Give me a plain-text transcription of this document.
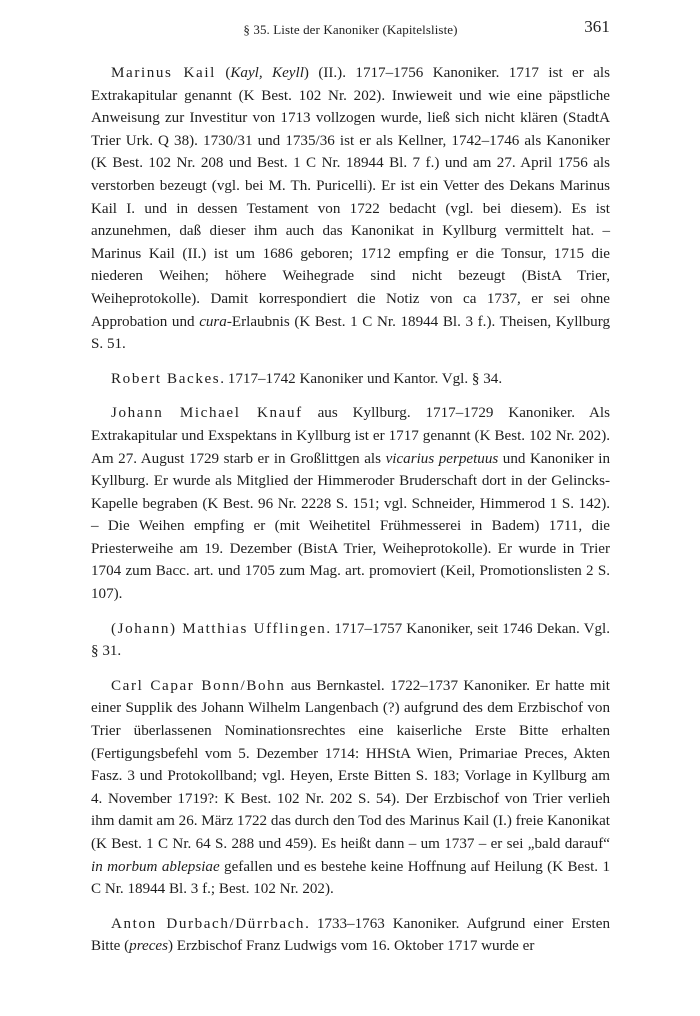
§ 35. Liste der Kanoniker (Kapitelsliste)	361

Marinus Kail (Kayl, Keyll) (II.). 1717–1756 Kanoniker. 1717 ist er als Extrakapitular genannt (K Best. 102 Nr. 202). Inwieweit und wie eine päpstliche Anweisung zur Investitur von 1713 vollzogen wurde, ließ sich nicht klären (StadtA Trier Urk. Q 38). 1730/31 und 1735/36 ist er als Kellner, 1742–1746 als Kanoniker (K Best. 102 Nr. 208 und Best. 1 C Nr. 18944 Bl. 7 f.) und am 27. April 1756 als verstorben bezeugt (vgl. bei M. Th. Puricelli). Er ist ein Vetter des Dekans Marinus Kail I. und in dessen Testament von 1722 bedacht (vgl. bei diesem). Es ist anzunehmen, daß dieser ihm auch das Kanonikat in Kyllburg vermittelt hat. – Marinus Kail (II.) ist um 1686 geboren; 1712 empfing er die Tonsur, 1715 die niederen Weihen; höhere Weihegrade sind nicht bezeugt (BistA Trier, Weiheprotokolle). Damit korrespondiert die Notiz von ca 1737, er sei ohne Approbation und cura-Erlaubnis (K Best. 1 C Nr. 18944 Bl. 3 f.). Theisen, Kyllburg S. 51.

Robert Backes. 1717–1742 Kanoniker und Kantor. Vgl. § 34.

Johann Michael Knauf aus Kyllburg. 1717–1729 Kanoniker. Als Extrakapitular und Exspektans in Kyllburg ist er 1717 genannt (K Best. 102 Nr. 202). Am 27. August 1729 starb er in Großlittgen als vicarius perpetuus und Kanoniker in Kyllburg. Er wurde als Mitglied der Himmeroder Bruderschaft dort in der Gelincks-Kapelle begraben (K Best. 96 Nr. 2228 S. 151; vgl. Schneider, Himmerod 1 S. 142). – Die Weihen empfing er (mit Weihetitel Frühmesserei in Badem) 1711, die Priesterweihe am 19. Dezember (BistA Trier, Weiheprotokolle). Er wurde in Trier 1704 zum Bacc. art. und 1705 zum Mag. art. promoviert (Keil, Promotionslisten 2 S. 107).

(Johann) Matthias Ufflingen. 1717–1757 Kanoniker, seit 1746 Dekan. Vgl. § 31.

Carl Capar Bonn/Bohn aus Bernkastel. 1722–1737 Kanoniker. Er hatte mit einer Supplik des Johann Wilhelm Langenbach (?) aufgrund des dem Erzbischof von Trier überlassenen Nominationsrechtes eine kaiserliche Erste Bitte erhalten (Fertigungsbefehl vom 5. Dezember 1714: HHStA Wien, Primariae Preces, Akten Fasz. 3 und Protokollband; vgl. Heyen, Erste Bitten S. 183; Vorlage in Kyllburg am 4. November 1719?: K Best. 102 Nr. 202 S. 54). Der Erzbischof von Trier verlieh ihm damit am 26. März 1722 das durch den Tod des Marinus Kail (I.) freie Kanonikat (K Best. 1 C Nr. 64 S. 288 und 459). Es heißt dann – um 1737 – er sei „bald darauf“ in morbum ablepsiae gefallen und es bestehe keine Hoffnung auf Heilung (K Best. 1 C Nr. 18944 Bl. 3 f.; Best. 102 Nr. 202).

Anton Durbach/Dürrbach. 1733–1763 Kanoniker. Aufgrund einer Ersten Bitte (preces) Erzbischof Franz Ludwigs vom 16. Oktober 1717 wurde er
